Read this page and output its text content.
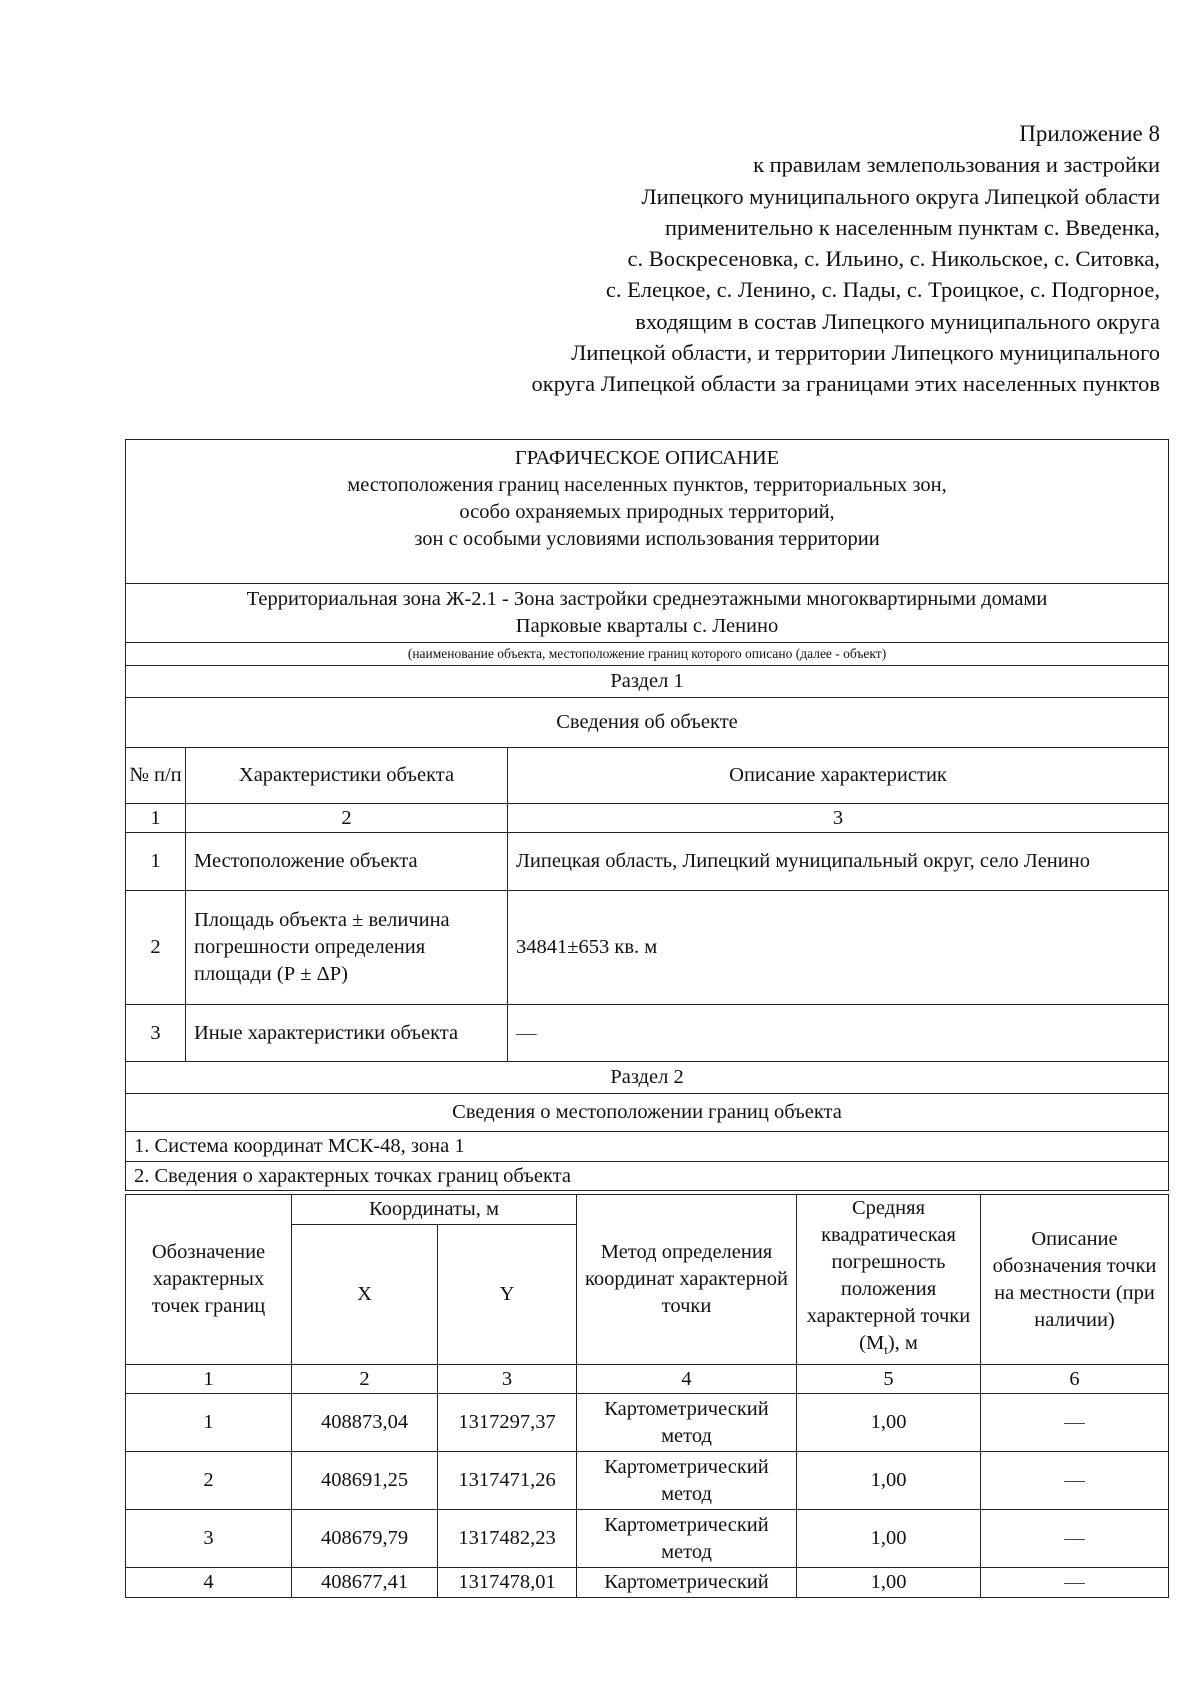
Приложение 8
к правилам землепользования и застройки
Липецкого муниципального округа Липецкой области
применительно к населенным пунктам с. Введенка,
с. Воскресеновка, с. Ильино, с. Никольское, с. Ситовка,
с. Елецкое, с. Ленино, с. Пады, с. Троицкое, с. Подгорное,
входящим в состав Липецкого муниципального округа
Липецкой области, и территории Липецкого муниципального
округа Липецкой области за границами этих населенных пунктов
ГРАФИЧЕСКОЕ ОПИСАНИЕ
местоположения границ населенных пунктов, территориальных зон,
особо охраняемых природных территорий,
зон с особыми условиями использования территории		

Территориальная зона Ж-2.1 - Зона застройки среднеэтажными многоквартирными домами
Парковые кварталы с. Ленино		

(наименование объекта, местоположение границ которого описано (далее - объект)		
Раздел 1		
Сведения об объекте		
№ п/п	Характеристики объекта	Описание характеристик
1	2	3
1	Местоположение объекта	Липецкая область, Липецкий муниципальный округ, село Ленино
2	Площадь объекта ± величина погрешности определения площади (Р ± ΔР)	34841±653 кв. м
3	Иные характеристики объекта	—
Раздел 2		
Сведения о местоположении границ объекта		
1. Система координат МСК-48, зона 1		
2. Сведения о характерных точках границ объекта		
Обозначение характерных точек границ	Координаты, м		Метод определения координат характерной точки	Средняя квадратическая погрешность положения характерной точки $(M_t)$, м	Описание обозначения точки на местности (при наличии)
	X	Y			
1	2	3	4	5	6
1	408873,04	1317297,37	Картометрический метод	1,00	—
2	408691,25	1317471,26	Картометрический метод	1,00	—
3	408679,79	1317482,23	Картометрический метод	1,00	—
4	408677,41	1317478,01	Картометрический	1,00	—
